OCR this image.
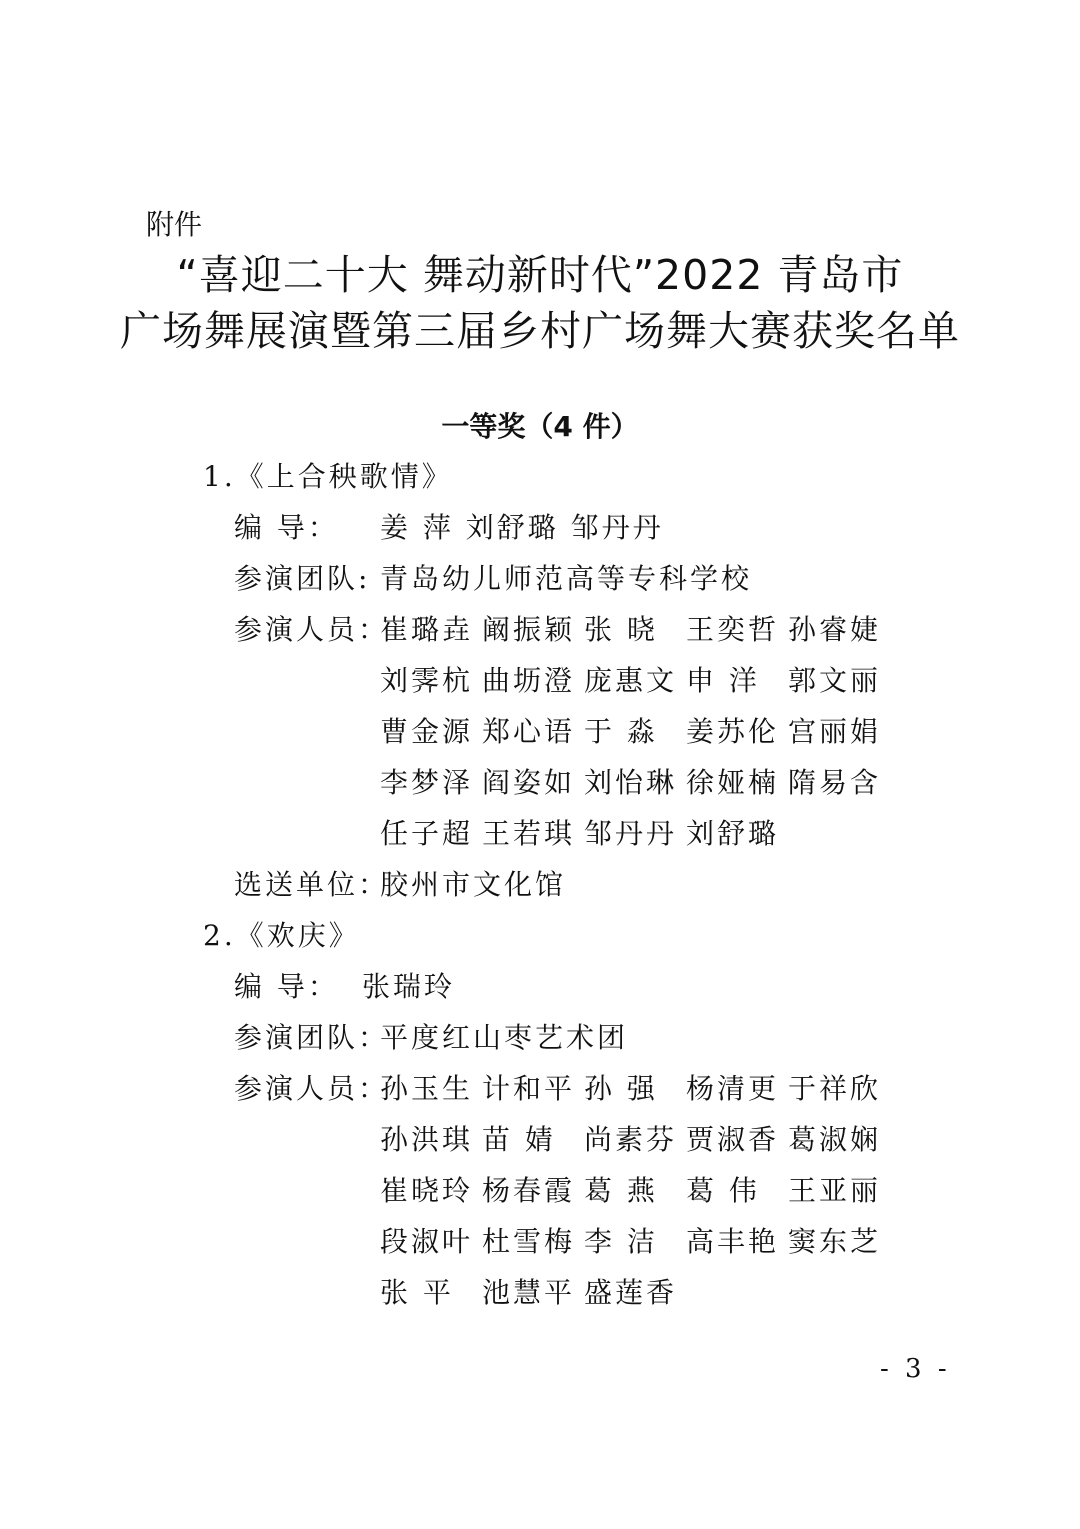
附件
“喜迎二十大 舞动新时代”2022 青岛市
广场舞展演暨第三届乡村广场舞大赛获奖名单
一等奖（4 件）
1.《上合秧歌情》
编 导： 姜 萍 刘舒璐 邹丹丹
参演团队: 青岛幼儿师范高等专科学校
参演人员：
崔璐垚 阚振颖 张 晓 王奕哲 孙睿婕
刘霁杭 曲坜澄 庞惠文 申 洋 郭文丽
曹金源 郑心语 于 淼 姜苏伦 宫丽娟
李梦泽 阎姿如 刘怡琳 徐娅楠 隋易含
任子超 王若琪 邹丹丹 刘舒璐
选送单位：
胶州市文化馆
2.《欢庆》
编 导： 张瑞玲
参演团队：
平度红山枣艺术团
参演人员：
孙玉生 计和平 孙 强 杨清更 于祥欣
孙洪琪 苗 婧 尚素芬 贾淑香 葛淑娴
崔晓玲 杨春霞 葛 燕 葛 伟 王亚丽
段淑叶 杜雪梅 李 洁 高丰艳 窦东芝
张 平 池慧平 盛莲香
- 3 -
